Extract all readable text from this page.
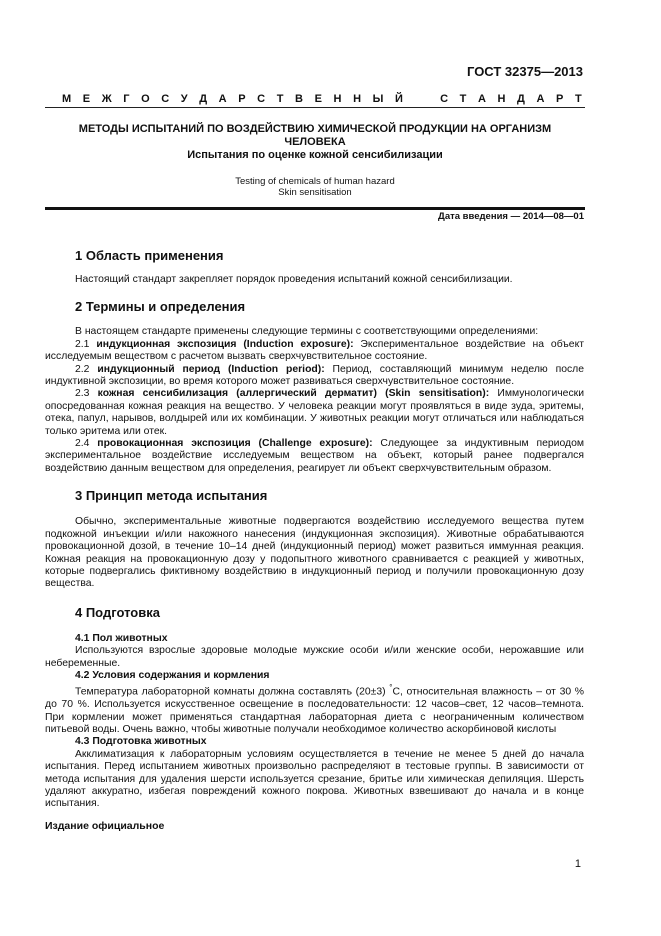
ГОСТ 32375—2013
М Е Ж Г О С У Д А Р С Т В Е Н Н Ы Й	С Т А Н Д А Р Т
МЕТОДЫ ИСПЫТАНИЙ ПО ВОЗДЕЙСТВИЮ ХИМИЧЕСКОЙ ПРОДУКЦИИ НА ОРГАНИЗМ
ЧЕЛОВЕКА
Испытания по оценке кожной сенсибилизации
Testing of chemicals of human hazard
Skin sensitisation
Дата введения — 2014—08—01
1 Область применения

Настоящий стандарт закрепляет порядок проведения испытаний кожной сенсибилизации.

2 Термины и определения

В настоящем стандарте применены следующие термины с соответствующими определениями:

2.1 индукционная экспозиция (Induction exposure): Экспериментальное воздействие на объект исследуемым веществом с расчетом вызвать сверхчувствительное состояние.

2.2 индукционный период (Induction period): Период, составляющий минимум неделю после индуктивной экспозиции, во время которого может развиваться сверхчувствительное состояние.

2.3 кожная сенсибилизация (аллергический дерматит) (Skin sensitisation): Иммунологически опосредованная кожная реакция на вещество. У человека реакции могут проявляться в виде зуда, эритемы, отека, папул, нарывов, волдырей или их комбинации. У животных реакции могут отличаться или наблюдаться только эритема или отек.

2.4 провокационная экспозиция (Challenge exposure): Следующее за индуктивным периодом экспериментальное воздействие исследуемым веществом на объект, который ранее подвергался воздействию данным веществом для определения, реагирует ли объект сверхчувствительным образом.

3 Принцип метода испытания

Обычно, экспериментальные животные подвергаются воздействию исследуемого вещества путем подкожной инъекции и/или накожного нанесения (индукционная экспозиция). Животные обрабатываются провокационной дозой, в течение 10–14 дней (индукционный период) может развиться иммунная реакция. Кожная реакция на провокационную дозу у подопытного животного сравнивается с реакцией у животных, которые подвергались фиктивному воздействию в индукционный период и получили провокационную дозу вещества.

4 Подготовка

4.1 Пол животных

Используются взрослые здоровые молодые мужские особи и/или женские особи, нерожавшие или небеременные.

4.2 Условия содержания и кормления

Температура лабораторной комнаты должна составлять (20±3) °С, относительная влажность – от 30 % до 70 %. Используется искусственное освещение в последовательности: 12 часов–свет, 12 часов–темнота. При кормлении может применяться стандартная лабораторная диета с неограниченным количеством питьевой воды. Очень важно, чтобы животные получали необходимое количество аскорбиновой кислоты

4.3 Подготовка животных

Акклиматизация к лабораторным условиям осуществляется в течение не менее 5 дней до начала испытания. Перед испытанием животных произвольно распределяют в тестовые группы. В зависимости от метода испытания для удаления шерсти используется срезание, бритье или химическая депиляция. Шерсть удаляют аккуратно, избегая повреждений кожного покрова. Животных взвешивают до начала и в конце испытания.

Издание официальное
1
